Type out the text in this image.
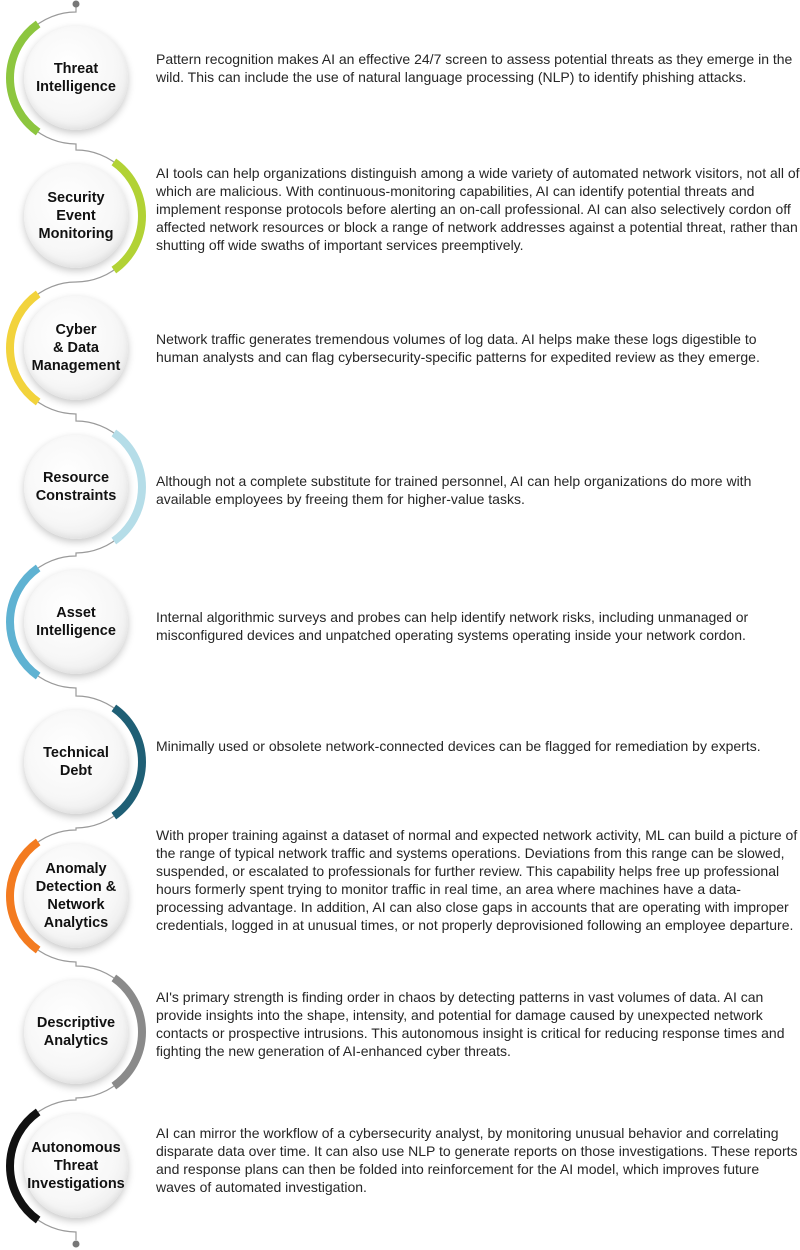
Threat
Intelligence

Pattern recognition makes AI an effective 24/7 screen to assess potential threats as they emerge in the wild. This can include the use of natural language processing (NLP) to identify phishing attacks.

Security
Event
Monitoring

AI tools can help organizations distinguish among a wide variety of automated network visitors, not all of which are malicious. With continuous-monitoring capabilities, AI can identify potential threats and implement response protocols before alerting an on-call professional. AI can also selectively cordon off affected network resources or block a range of network addresses against a potential threat, rather than shutting off wide swaths of important services preemptively.

Cyber
& Data
Management

Network traffic generates tremendous volumes of log data. AI helps make these logs digestible to human analysts and can flag cybersecurity-specific patterns for expedited review as they emerge.

Resource
Constraints

Although not a complete substitute for trained personnel, AI can help organizations do more with available employees by freeing them for higher-value tasks.

Asset
Intelligence

Internal algorithmic surveys and probes can help identify network risks, including unmanaged or misconfigured devices and unpatched operating systems operating inside your network cordon.

Technical
Debt

Minimally used or obsolete network-connected devices can be flagged for remediation by experts.

Anomaly
Detection &
Network
Analytics

With proper training against a dataset of normal and expected network activity, ML can build a picture of the range of typical network traffic and systems operations. Deviations from this range can be slowed, suspended, or escalated to professionals for further review. This capability helps free up professional hours formerly spent trying to monitor traffic in real time, an area where machines have a data-processing advantage. In addition, AI can also close gaps in accounts that are operating with improper credentials, logged in at unusual times, or not properly deprovisioned following an employee departure.

Descriptive
Analytics

AI's primary strength is finding order in chaos by detecting patterns in vast volumes of data. AI can provide insights into the shape, intensity, and potential for damage caused by unexpected network contacts or prospective intrusions. This autonomous insight is critical for reducing response times and fighting the new generation of AI-enhanced cyber threats.

Autonomous
Threat
Investigations

AI can mirror the workflow of a cybersecurity analyst, by monitoring unusual behavior and correlating disparate data over time. It can also use NLP to generate reports on those investigations. These reports and response plans can then be folded into reinforcement for the AI model, which improves future waves of automated investigation.
